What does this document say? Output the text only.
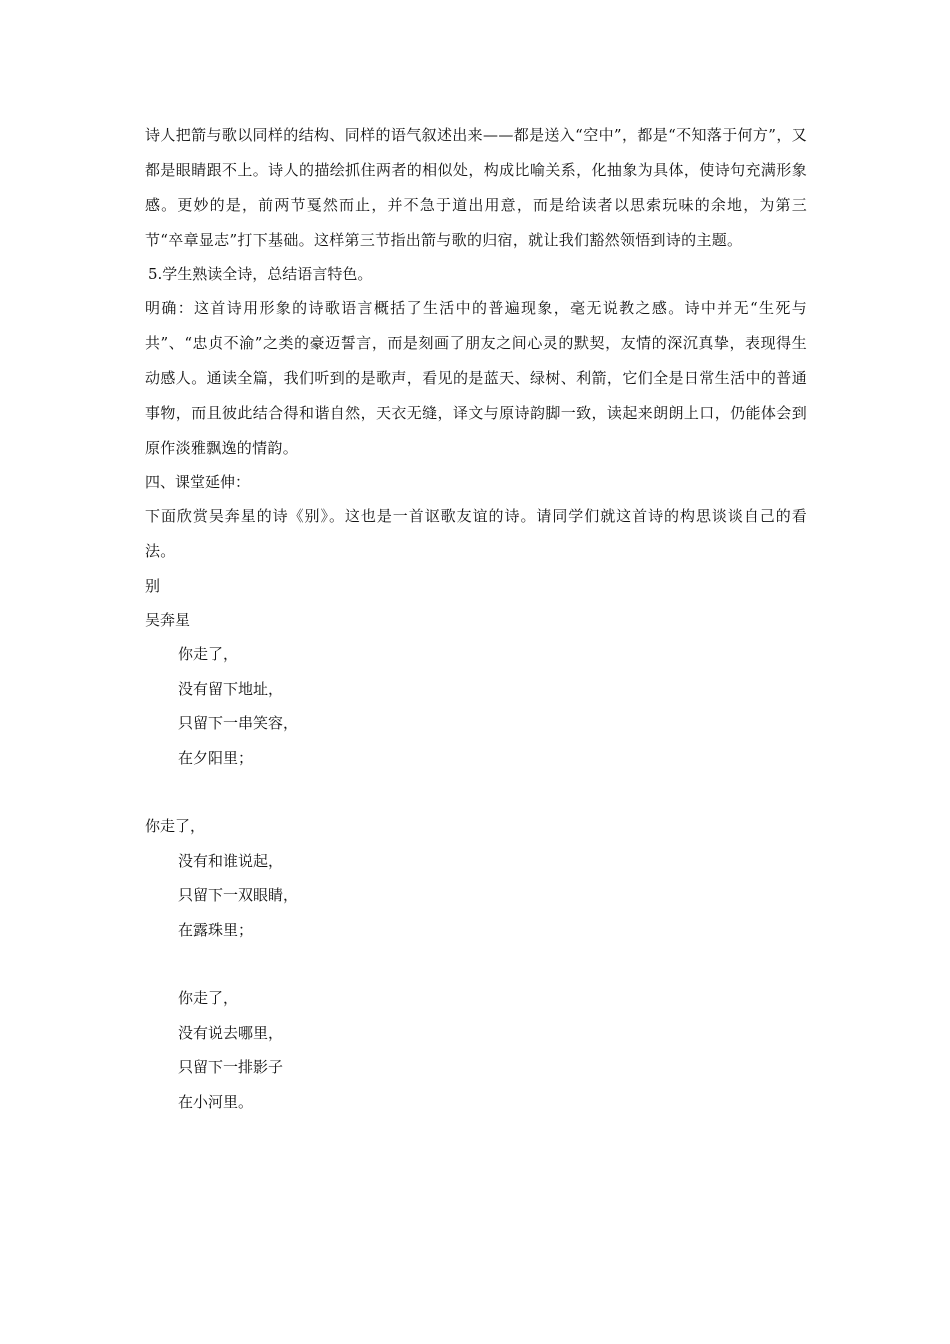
诗人把箭与歌以同样的结构、同样的语气叙述出来——都是送入“空中”，都是“不知落于何方”，又都是眼睛跟不上。诗人的描绘抓住两者的相似处，构成比喻关系，化抽象为具体，使诗句充满形象感。更妙的是，前两节戛然而止，并不急于道出用意，而是给读者以思索玩味的余地，为第三节“卒章显志”打下基础。这样第三节指出箭与歌的归宿，就让我们豁然领悟到诗的主题。

5.学生熟读全诗，总结语言特色。

明确：这首诗用形象的诗歌语言概括了生活中的普遍现象，毫无说教之感。诗中并无“生死与共”、“忠贞不渝”之类的豪迈誓言，而是刻画了朋友之间心灵的默契，友情的深沉真挚，表现得生动感人。通读全篇，我们听到的是歌声，看见的是蓝天、绿树、利箭，它们全是日常生活中的普通事物，而且彼此结合得和谐自然，天衣无缝，译文与原诗韵脚一致，读起来朗朗上口，仍能体会到原作淡雅飘逸的情韵。

四、课堂延伸：

下面欣赏吴奔星的诗《别》。这也是一首讴歌友谊的诗。请同学们就这首诗的构思谈谈自己的看法。

别

吴奔星

你走了，

没有留下地址，

只留下一串笑容，

在夕阳里；

你走了，

没有和谁说起，

只留下一双眼睛，

在露珠里；

你走了，

没有说去哪里，

只留下一排影子

在小河里。
